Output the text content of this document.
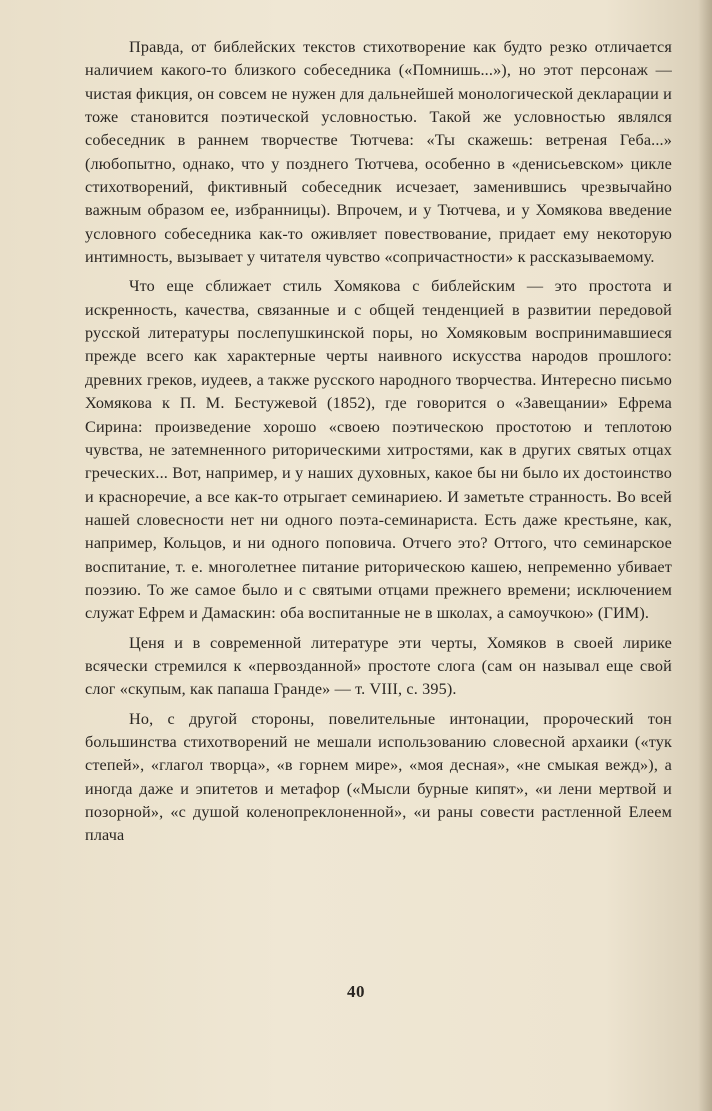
Правда, от библейских текстов стихотворение как будто резко отличается наличием какого-то близкого собеседника («Помнишь...»), но этот персонаж — чистая фикция, он совсем не нужен для дальнейшей монологической декларации и тоже становится поэтической условностью. Такой же условностью являлся собеседник в раннем творчестве Тютчева: «Ты скажешь: ветреная Геба...» (любопытно, однако, что у позднего Тютчева, особенно в «денисьевском» цикле стихотворений, фиктивный собеседник исчезает, заменившись чрезвычайно важным образом ее, избранницы). Впрочем, и у Тютчева, и у Хомякова введение условного собеседника как-то оживляет повествование, придает ему некоторую интимность, вызывает у читателя чувство «сопричастности» к рассказываемому.

Что еще сближает стиль Хомякова с библейским — это простота и искренность, качества, связанные и с общей тенденцией в развитии передовой русской литературы послепушкинской поры, но Хомяковым воспринимавшиеся прежде всего как характерные черты наивного искусства народов прошлого: древних греков, иудеев, а также русского народного творчества. Интересно письмо Хомякова к П. М. Бестужевой (1852), где говорится о «Завещании» Ефрема Сирина: произведение хорошо «своею поэтическою простотою и теплотою чувства, не затемненного риторическими хитростями, как в других святых отцах греческих... Вот, например, и у наших духовных, какое бы ни было их достоинство и красноречие, а все как-то отрыгает семинариею. И заметьте странность. Во всей нашей словесности нет ни одного поэта-семинариста. Есть даже крестьяне, как, например, Кольцов, и ни одного поповича. Отчего это? Оттого, что семинарское воспитание, т. е. многолетнее питание риторическою кашею, непременно убивает поэзию. То же самое было и с святыми отцами прежнего времени; исключением служат Ефрем и Дамаскин: оба воспитанные не в школах, а самоучкою» (ГИМ).

Ценя и в современной литературе эти черты, Хомяков в своей лирике всячески стремился к «первозданной» простоте слога (сам он называл еще свой слог «скупым, как папаша Гранде» — т. VIII, с. 395).

Но, с другой стороны, повелительные интонации, пророческий тон большинства стихотворений не мешали использованию словесной архаики («тук степей», «глагол творца», «в горнем мире», «моя десная», «не смыкая вежд»), а иногда даже и эпитетов и метафор («Мысли бурные кипят», «и лени мертвой и позорной», «с душой коленопреклоненной», «и раны совести растленной Елеем плача

40
